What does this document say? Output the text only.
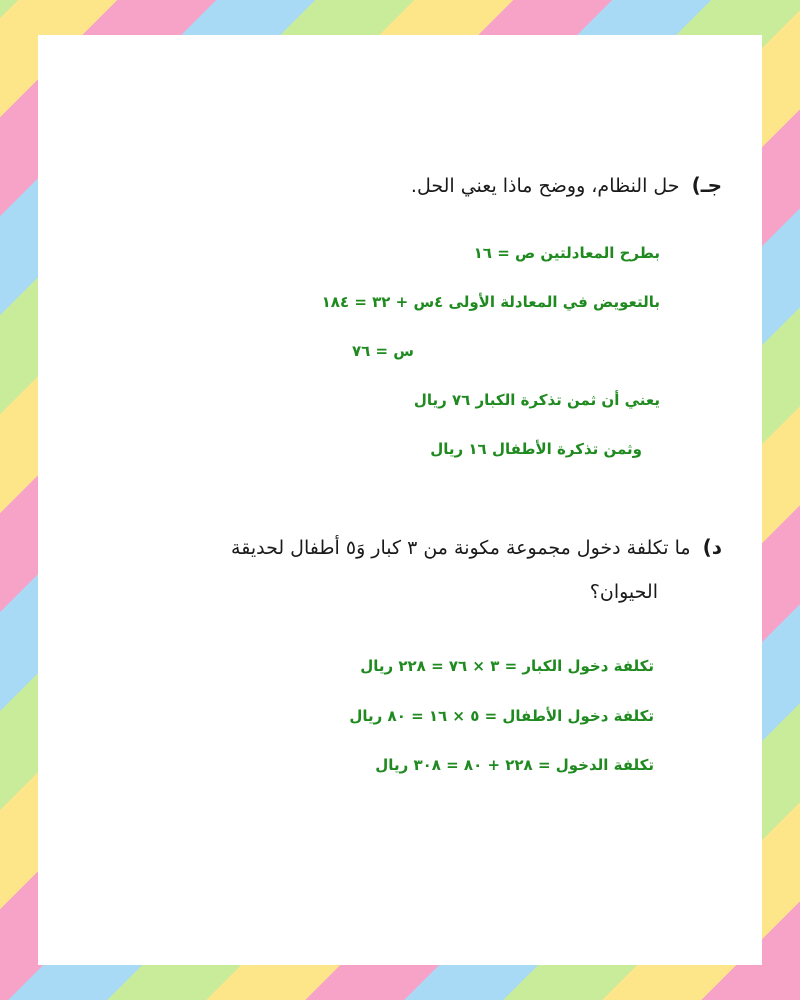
جـ) حل النظام، ووضح ماذا يعني الحل.
بطرح المعادلتين ص = ١٦
بالتعويض في المعادلة الأولى ٤س + ٣٢ = ١٨٤
س = ٧٦
يعني أن ثمن تذكرة الكبار ٧٦ ريال
وثمن تذكرة الأطفال ١٦ ريال
د) ما تكلفة دخول مجموعة مكونة من ٣ كبار وَ٥ أطفال لحديقة
الحيوان؟
تكلفة دخول الكبار = ٣ × ٧٦ = ٢٢٨ ريال
تكلفة دخول الأطفال = ٥ × ١٦ = ٨٠ ريال
تكلفة الدخول = ٢٢٨ + ٨٠ = ٣٠٨ ريال
